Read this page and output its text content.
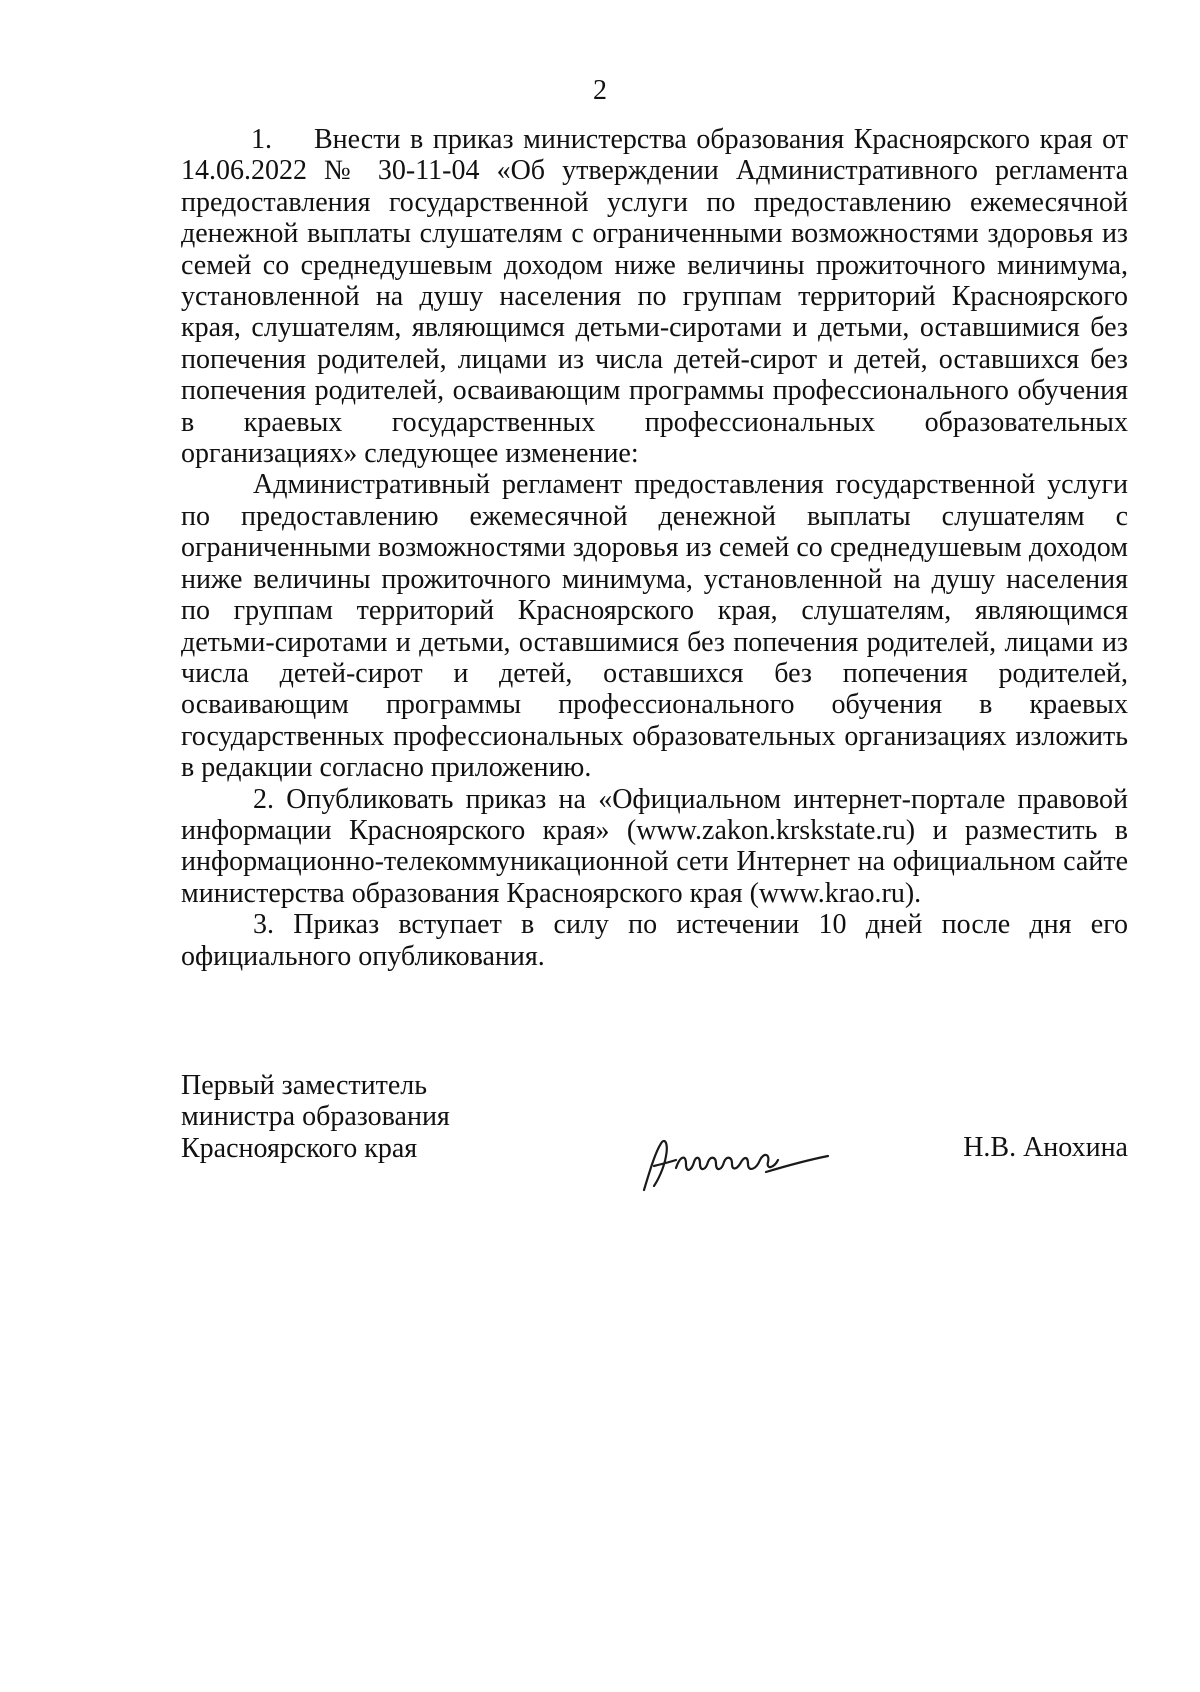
2

1.  Внести в приказ министерства образования Красноярского края от 14.06.2022 № 30-11-04 «Об утверждении Административного регламента предоставления государственной услуги по предоставлению ежемесячной денежной выплаты слушателям с ограниченными возможностями здоровья из семей со среднедушевым доходом ниже величины прожиточного минимума, установленной на душу населения по группам территорий Красноярского края, слушателям, являющимся детьми-сиротами и детьми, оставшимися без попечения родителей, лицами из числа детей-сирот и детей, оставшихся без попечения родителей, осваивающим программы профессионального обучения в краевых государственных профессиональных образовательных организациях» следующее изменение:

Административный регламент предоставления государственной услуги по предоставлению ежемесячной денежной выплаты слушателям с ограниченными возможностями здоровья из семей со среднедушевым доходом ниже величины прожиточного минимума, установленной на душу населения по группам территорий Красноярского края, слушателям, являющимся детьми-сиротами и детьми, оставшимися без попечения родителей, лицами из числа детей-сирот и детей, оставшихся без попечения родителей, осваивающим программы профессионального обучения в краевых государственных профессиональных образовательных организациях изложить в редакции согласно приложению.

2. Опубликовать приказ на «Официальном интернет-портале правовой информации Красноярского края» (www.zakon.krskstate.ru) и разместить в информационно-телекоммуникационной сети Интернет на официальном сайте министерства образования Красноярского края (www.krao.ru).

3. Приказ вступает в силу по истечении 10 дней после дня его официального опубликования.

Первый заместитель
министра образования
Красноярского края	Н.В. Анохина
